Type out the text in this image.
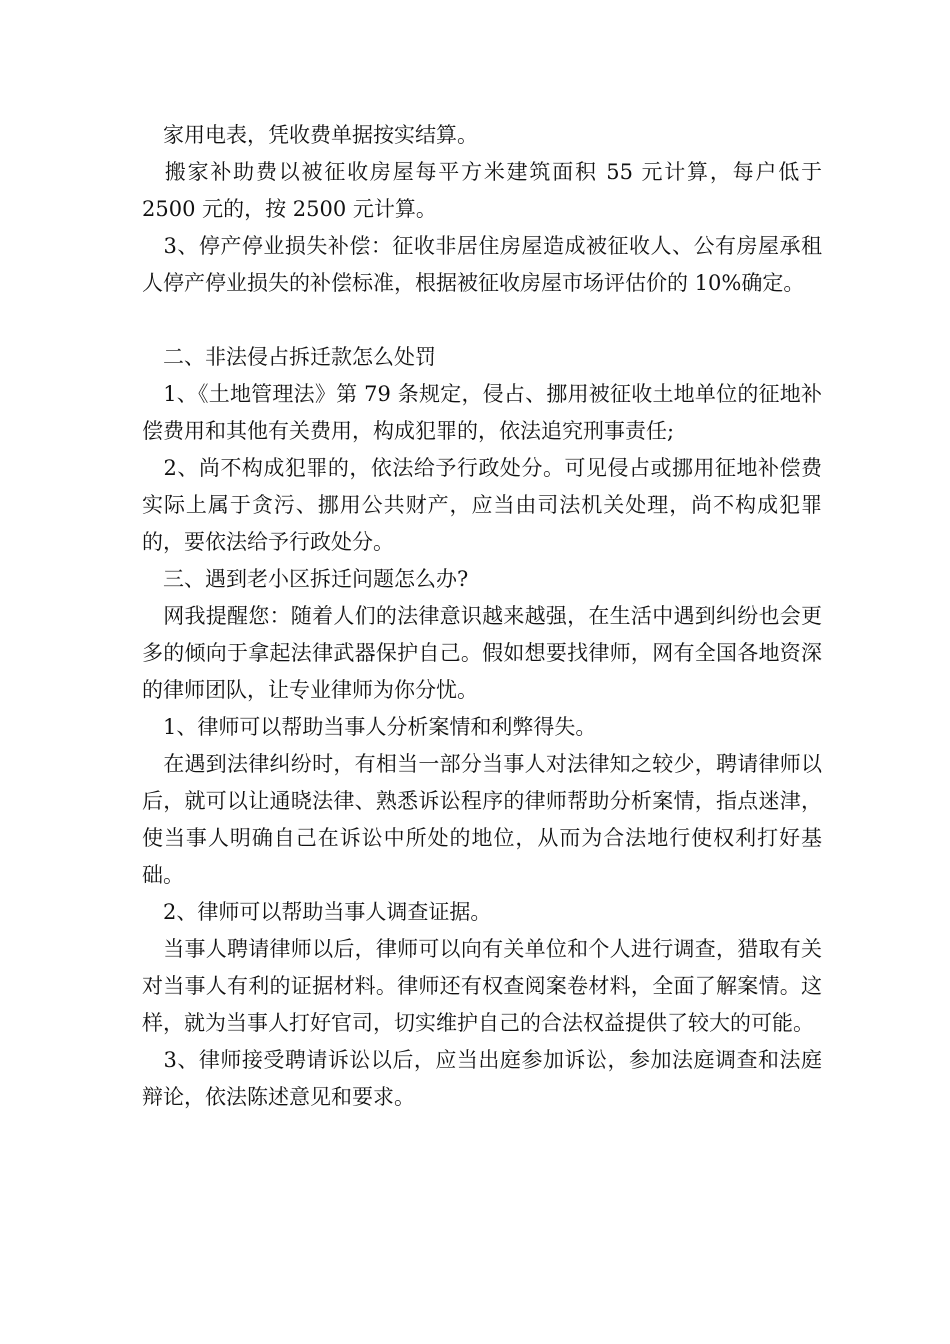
　家用电表，凭收费单据按实结算。

　搬家补助费以被征收房屋每平方米建筑面积 55 元计算，每户低于 2500 元的，按 2500 元计算。

　3、停产停业损失补偿：征收非居住房屋造成被征收人、公有房屋承租人停产停业损失的补偿标准，根据被征收房屋市场评估价的 10%确定。

　二、非法侵占拆迁款怎么处罚

　1、《土地管理法》第 79 条规定，侵占、挪用被征收土地单位的征地补偿费用和其他有关费用，构成犯罪的，依法追究刑事责任;

　2、尚不构成犯罪的，依法给予行政处分。可见侵占或挪用征地补偿费实际上属于贪污、挪用公共财产，应当由司法机关处理，尚不构成犯罪的，要依法给予行政处分。

　三、遇到老小区拆迁问题怎么办?

　网我提醒您：随着人们的法律意识越来越强，在生活中遇到纠纷也会更多的倾向于拿起法律武器保护自己。假如想要找律师，网有全国各地资深的律师团队，让专业律师为你分忧。

　1、律师可以帮助当事人分析案情和利弊得失。

　在遇到法律纠纷时，有相当一部分当事人对法律知之较少，聘请律师以后，就可以让通晓法律、熟悉诉讼程序的律师帮助分析案情，指点迷津，使当事人明确自己在诉讼中所处的地位，从而为合法地行使权利打好基础。

　2、律师可以帮助当事人调查证据。

　当事人聘请律师以后，律师可以向有关单位和个人进行调查，猎取有关对当事人有利的证据材料。律师还有权查阅案卷材料，全面了解案情。这样，就为当事人打好官司，切实维护自己的合法权益提供了较大的可能。

　3、律师接受聘请诉讼以后，应当出庭参加诉讼，参加法庭调查和法庭辩论，依法陈述意见和要求。
